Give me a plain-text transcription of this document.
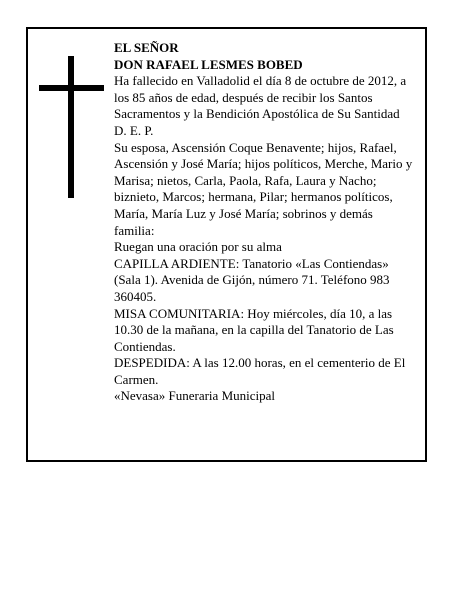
EL SEÑOR

DON RAFAEL LESMES BOBED

Ha fallecido en Valladolid el día 8 de octubre de 2012, a los 85 años de edad, después de recibir los Santos Sacramentos y la Bendición Apostólica de Su Santidad

D. E. P.

Su esposa, Ascensión Coque Benavente; hijos, Rafael, Ascensión y José María; hijos políticos, Merche, Mario y Marisa; nietos, Carla, Paola, Rafa, Laura y Nacho; biznieto, Marcos; hermana, Pilar; hermanos políticos, María, María Luz y José María; sobrinos y demás familia:

Ruegan una oración por su alma

CAPILLA ARDIENTE: Tanatorio «Las Contiendas» (Sala 1). Avenida de Gijón, número 71. Teléfono 983 360405.

MISA COMUNITARIA: Hoy miércoles, día 10, a las 10.30 de la mañana, en la capilla del Tanatorio de Las Contiendas.

DESPEDIDA: A las 12.00 horas, en el cementerio de El Carmen.

«Nevasa» Funeraria Municipal
